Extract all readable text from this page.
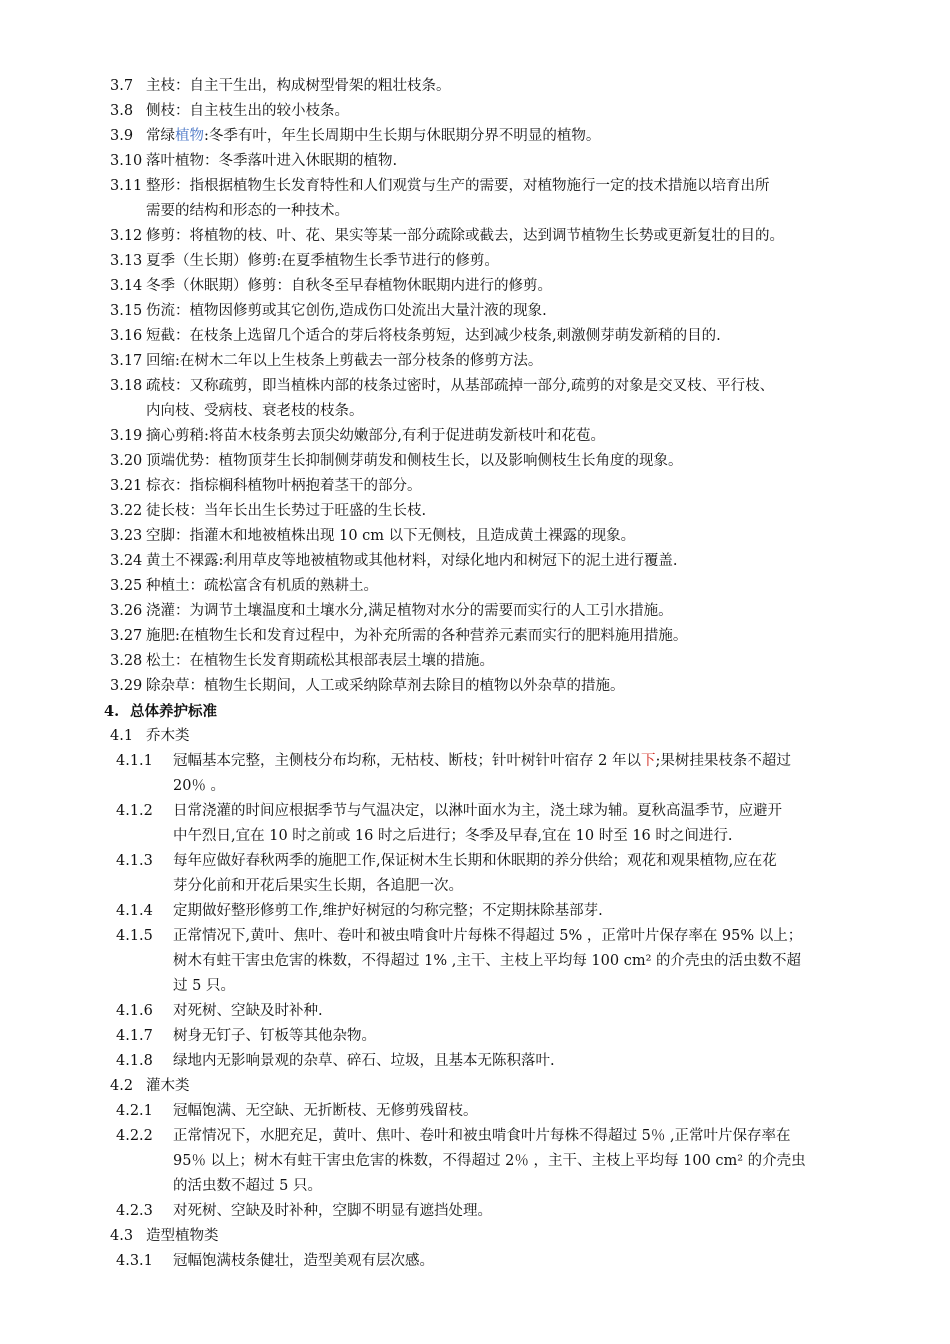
3.7 主枝：自主干生出，构成树型骨架的粗壮枝条。
3.8 侧枝：自主枝生出的较小枝条。
3.9 常绿植物:冬季有叶，年生长周期中生长期与休眠期分界不明显的植物。
3.10 落叶植物：冬季落叶进入休眠期的植物.
3.11 整形：指根据植物生长发育特性和人们观赏与生产的需要，对植物施行一定的技术措施以培育出所
需要的结构和形态的一种技术。
3.12 修剪：将植物的枝、叶、花、果实等某一部分疏除或截去，达到调节植物生长势或更新复壮的目的。
3.13 夏季（生长期）修剪:在夏季植物生长季节进行的修剪。
3.14 冬季（休眠期）修剪：自秋冬至早春植物休眠期内进行的修剪。
3.15 伤流：植物因修剪或其它创伤,造成伤口处流出大量汁液的现象.
3.16 短截：在枝条上选留几个适合的芽后将枝条剪短，达到减少枝条,刺激侧芽萌发新稍的目的.
3.17 回缩:在树木二年以上生枝条上剪截去一部分枝条的修剪方法。
3.18 疏枝：又称疏剪，即当植株内部的枝条过密时，从基部疏掉一部分,疏剪的对象是交叉枝、平行枝、
内向枝、受病枝、衰老枝的枝条。
3.19 摘心剪稍:将苗木枝条剪去顶尖幼嫩部分,有利于促进萌发新枝叶和花苞。
3.20 顶端优势：植物顶芽生长抑制侧芽萌发和侧枝生长，以及影响侧枝生长角度的现象。
3.21 棕衣：指棕榈科植物叶柄抱着茎干的部分。
3.22 徒长枝：当年长出生长势过于旺盛的生长枝.
3.23 空脚：指灌木和地被植株出现 10 cm 以下无侧枝，且造成黄土裸露的现象。
3.24 黄土不裸露:利用草皮等地被植物或其他材料，对绿化地内和树冠下的泥土进行覆盖.
3.25 种植土：疏松富含有机质的熟耕土。
3.26 浇灌：为调节土壤温度和土壤水分,满足植物对水分的需要而实行的人工引水措施。
3.27 施肥:在植物生长和发育过程中，为补充所需的各种营养元素而实行的肥料施用措施。
3.28 松土：在植物生长发育期疏松其根部表层土壤的措施。
3.29 除杂草：植物生长期间，人工或采纳除草剂去除目的植物以外杂草的措施。
4. 总体养护标准
4.1 乔木类
4.1.1 冠幅基本完整，主侧枝分布均称，无枯枝、断枝；针叶树针叶宿存 2 年以下;果树挂果枝条不超过
20％ 。
4.1.2 日常浇灌的时间应根据季节与气温决定，以淋叶面水为主，浇土球为辅。夏秋高温季节，应避开
中午烈日,宜在 10 时之前或 16 时之后进行；冬季及早春,宜在 10 时至 16 时之间进行.
4.1.3 每年应做好春秋两季的施肥工作,保证树木生长期和休眠期的养分供给；观花和观果植物,应在花
芽分化前和开花后果实生长期，各追肥一次。
4.1.4 定期做好整形修剪工作,维护好树冠的匀称完整；不定期抹除基部芽.
4.1.5 正常情况下,黄叶、焦叶、卷叶和被虫啃食叶片每株不得超过 5% ，正常叶片保存率在 95% 以上；
树木有蛀干害虫危害的株数，不得超过 1% ,主干、主枝上平均每 100 cm² 的介壳虫的活虫数不超
过 5 只。
4.1.6 对死树、空缺及时补种.
4.1.7 树身无钉子、钉板等其他杂物。
4.1.8 绿地内无影响景观的杂草、碎石、垃圾，且基本无陈积落叶.
4.2 灌木类
4.2.1 冠幅饱满、无空缺、无折断枝、无修剪残留枝。
4.2.2 正常情况下，水肥充足，黄叶、焦叶、卷叶和被虫啃食叶片每株不得超过 5％ ,正常叶片保存率在
95％ 以上；树木有蛀干害虫危害的株数，不得超过 2％ ，主干、主枝上平均每 100 cm² 的介壳虫
的活虫数不超过 5 只。
4.2.3 对死树、空缺及时补种，空脚不明显有遮挡处理。
4.3 造型植物类
4.3.1 冠幅饱满枝条健壮，造型美观有层次感。
